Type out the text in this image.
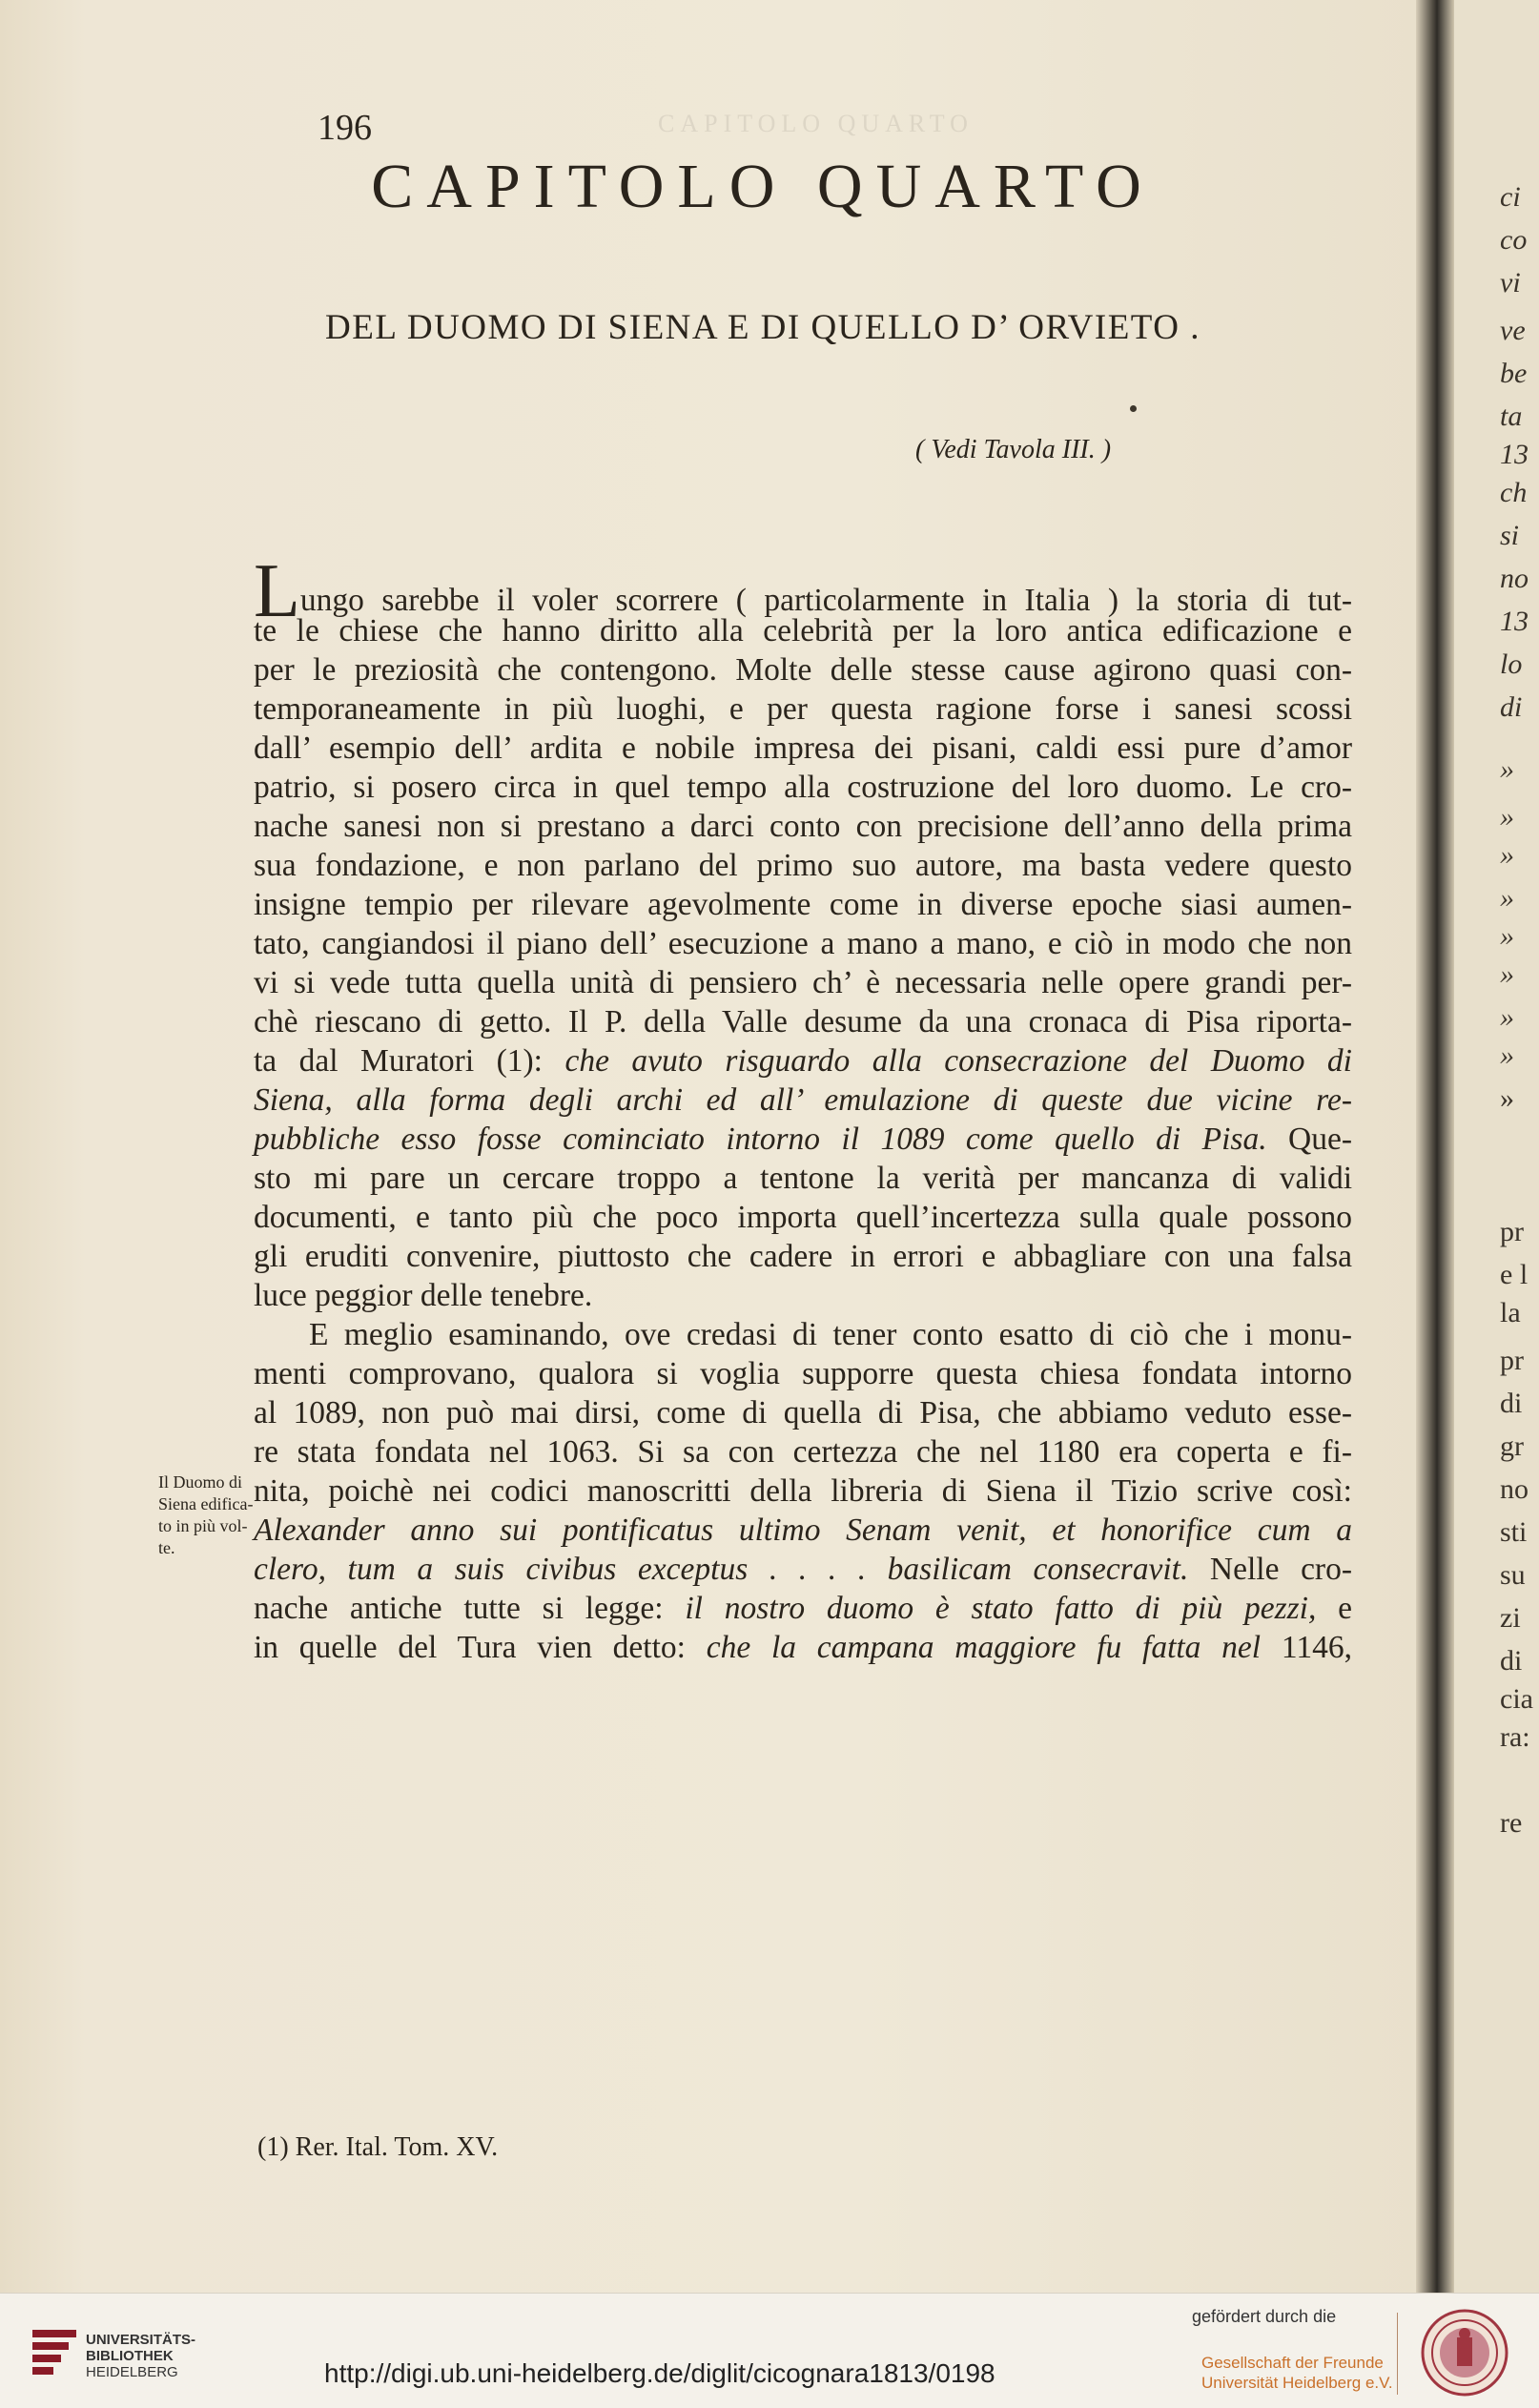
CAPITOLO QUARTO
196
CAPITOLO QUARTO
DEL DUOMO DI SIENA E DI QUELLO D’ ORVIETO .
( Vedi Tavola III. )
Lungo sarebbe il voler scorrere ( particolarmente in Italia ) la storia di tut-
te le chiese che hanno diritto alla celebrità per la loro antica edificazione e
per le preziosità che contengono. Molte delle stesse cause agirono quasi con-
temporaneamente in più luoghi, e per questa ragione forse i sanesi scossi
dall’ esempio dell’ ardita e nobile impresa dei pisani, caldi essi pure d’amor
patrio, si posero circa in quel tempo alla costruzione del loro duomo. Le cro-
nache sanesi non si prestano a darci conto con precisione dell’anno della prima
sua fondazione, e non parlano del primo suo autore, ma basta vedere questo
insigne tempio per rilevare agevolmente come in diverse epoche siasi aumen-
tato, cangiandosi il piano dell’ esecuzione a mano a mano, e ciò in modo che non
vi si vede tutta quella unità di pensiero ch’ è necessaria nelle opere grandi per-
chè riescano di getto. Il P. della Valle desume da una cronaca di Pisa riporta-
ta dal Muratori (1): che avuto risguardo alla consecrazione del Duomo di
Siena, alla forma degli archi ed all’ emulazione di queste due vicine re-
pubbliche esso fosse cominciato intorno il 1089 come quello di Pisa. Que-
sto mi pare un cercare troppo a tentone la verità per mancanza di validi
documenti, e tanto più che poco importa quell’incertezza sulla quale possono
gli eruditi convenire, piuttosto che cadere in errori e abbagliare con una falsa
luce peggior delle tenebre.
E meglio esaminando, ove credasi di tener conto esatto di ciò che i monu-
menti comprovano, qualora si voglia supporre questa chiesa fondata intorno
al 1089, non può mai dirsi, come di quella di Pisa, che abbiamo veduto esse-
re stata fondata nel 1063. Si sa con certezza che nel 1180 era coperta e fi-
nita, poichè nei codici manoscritti della libreria di Siena il Tizio scrive così:
Alexander anno sui pontificatus ultimo Senam venit, et honorifice cum a
clero, tum a suis civibus exceptus . . . . basilicam consecravit. Nelle cro-
nache antiche tutte si legge: il nostro duomo è stato fatto di più pezzi, e
in quelle del Tura vien detto: che la campana maggiore fu fatta nel 1146,
Il Duomo di
Siena edifica-
to in più vol-
te.
(1) Rer. Ital. Tom. XV.
ci
co
vi
ve
be
ta
13
ch
si
no
13
lo
di
»
»
»
»
»
»
»
»
»
pr
e l
la
pr
di
gr
no
sti
su
zi
di
cia
ra:
re
UNIVERSITÄTS-
BIBLIOTHEK
HEIDELBERG	http://digi.ub.uni-heidelberg.de/diglit/cicognara1813/0198
gefördert durch die
Gesellschaft der Freunde
Universität Heidelberg e.V.
